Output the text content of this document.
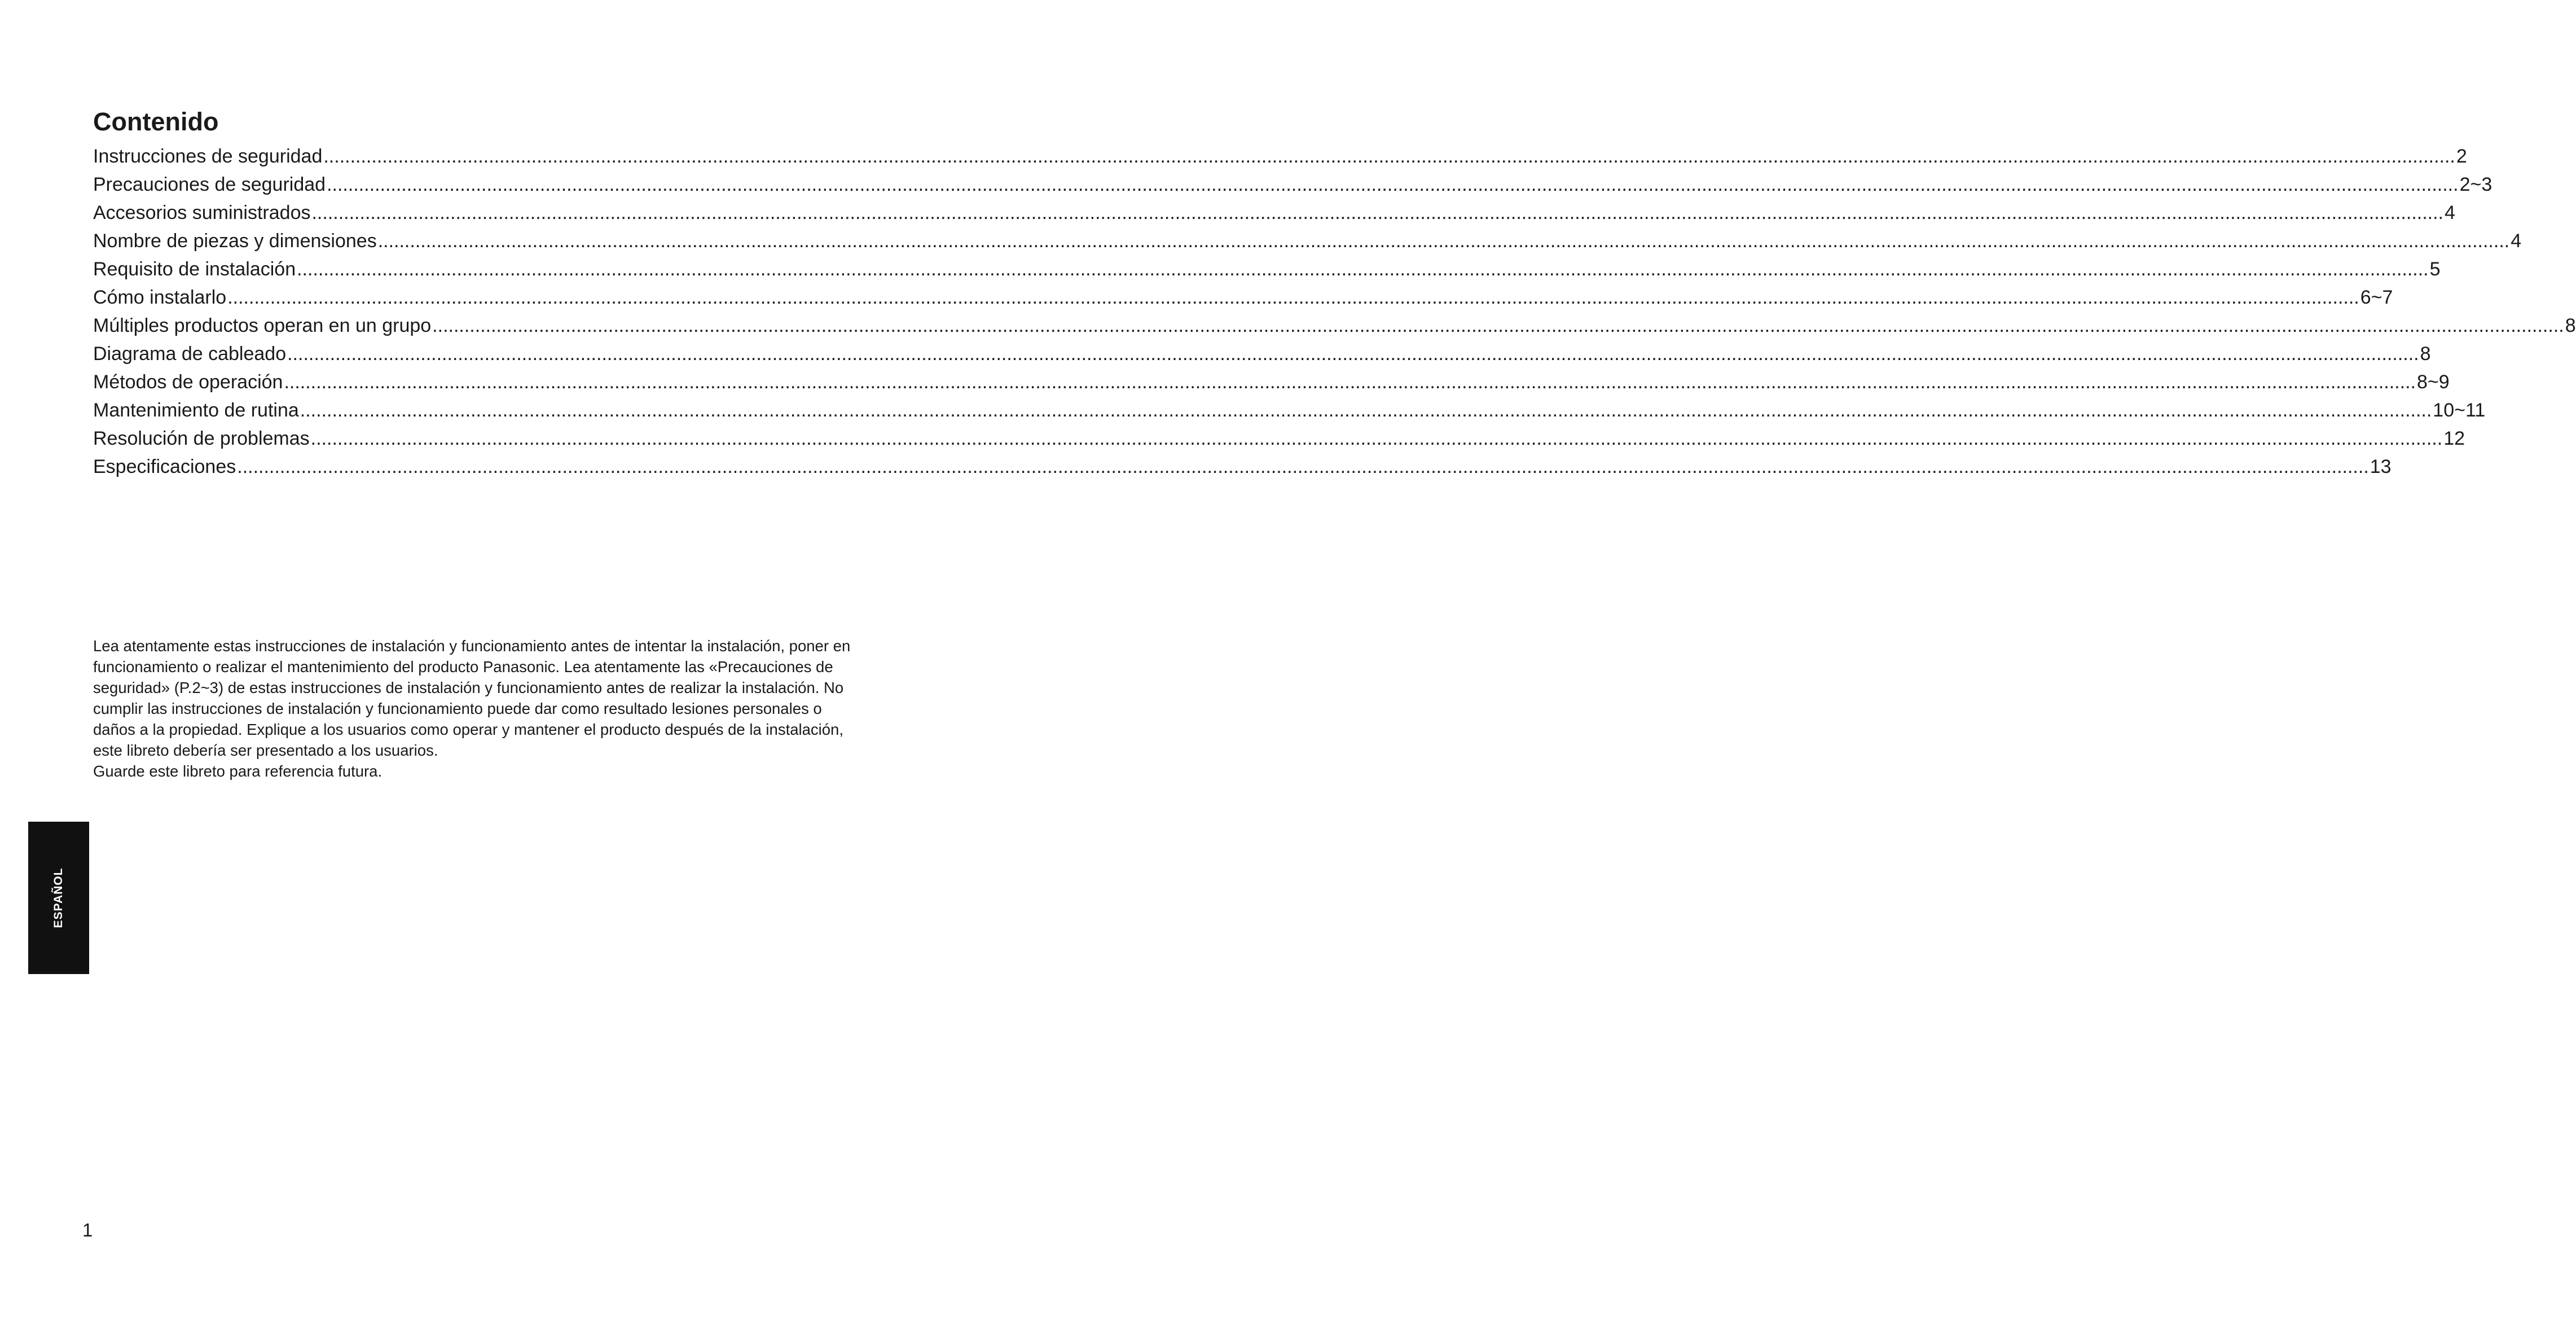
Contenido
Instrucciones de seguridad ................................................................................................................................................................................................................................................................................................................................................................................................................ 2
Precauciones de seguridad ................................................................................................................................................................................................................................................................................................................................................................................................................ 2~3
Accesorios suministrados ................................................................................................................................................................................................................................................................................................................................................................................................................ 4
Nombre de piezas y dimensiones ................................................................................................................................................................................................................................................................................................................................................................................................................ 4
Requisito de instalación ................................................................................................................................................................................................................................................................................................................................................................................................................ 5
Cómo instalarlo ................................................................................................................................................................................................................................................................................................................................................................................................................ 6~7
Múltiples productos operan en un grupo ................................................................................................................................................................................................................................................................................................................................................................................................................ 8
Diagrama de cableado ................................................................................................................................................................................................................................................................................................................................................................................................................ 8
Métodos de operación ................................................................................................................................................................................................................................................................................................................................................................................................................ 8~9
Mantenimiento de rutina ................................................................................................................................................................................................................................................................................................................................................................................................................ 10~11
Resolución de problemas ................................................................................................................................................................................................................................................................................................................................................................................................................ 12
Especificaciones ................................................................................................................................................................................................................................................................................................................................................................................................................ 13

Lea atentamente estas instrucciones de instalación y funcionamiento antes de intentar la instalación, poner en funcionamiento o realizar el mantenimiento del producto Panasonic. Lea atentamente las «Precauciones de seguridad» (P.2~3) de estas instrucciones de instalación y funcionamiento antes de realizar la instalación. No cumplir las instrucciones de instalación y funcionamiento puede dar como resultado lesiones personales o daños a la propiedad. Explique a los usuarios como operar y mantener el producto después de la instalación, este libreto debería ser presentado a los usuarios.

Guarde este libreto para referencia futura.

ESPAÑOL
1
